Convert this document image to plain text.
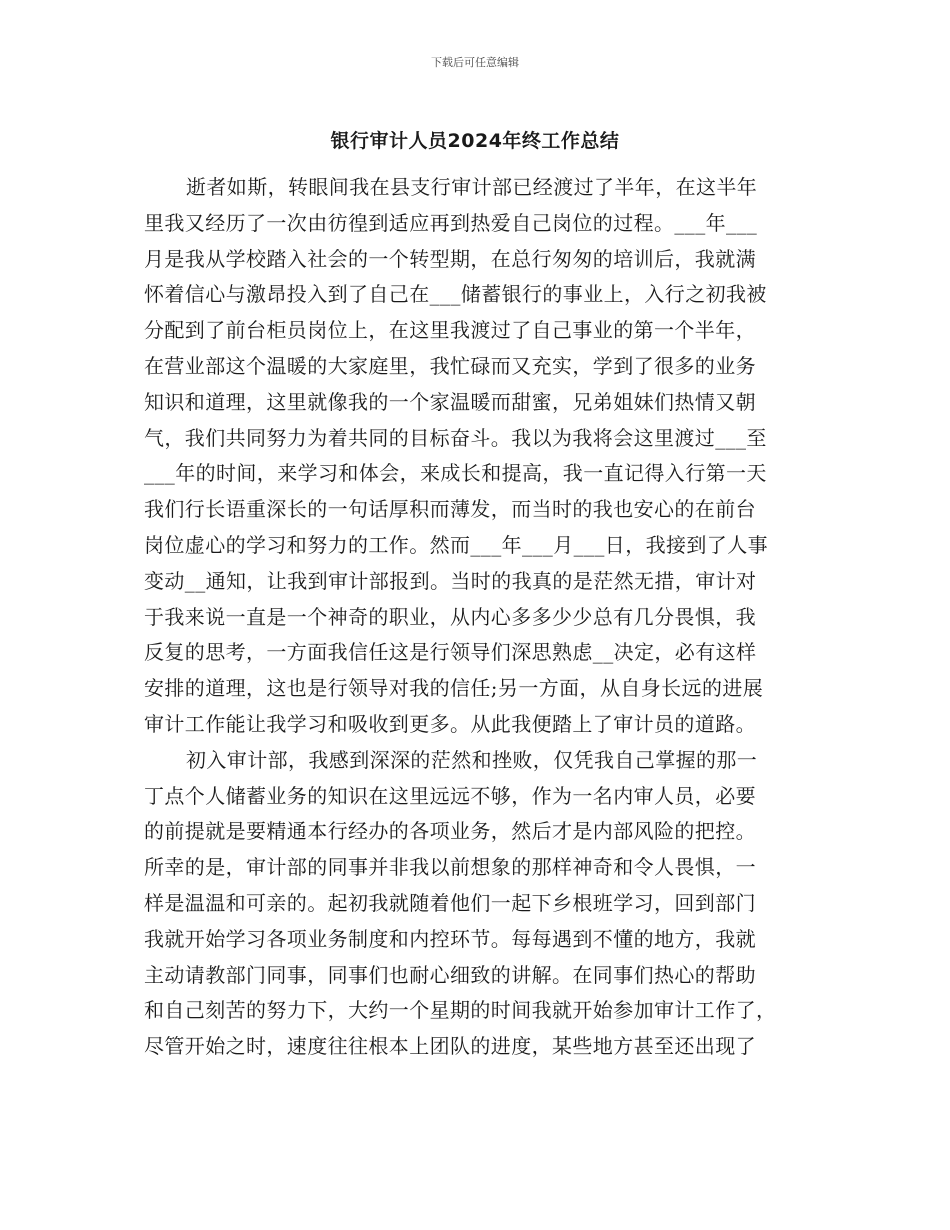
下载后可任意编辑
银行审计人员2024年终工作总结
逝者如斯，转眼间我在县支行审计部已经渡过了半年，在这半年
里我又经历了一次由彷徨到适应再到热爱自己岗位的过程。___年___
月是我从学校踏入社会的一个转型期，在总行匆匆的培训后，我就满
怀着信心与激昂投入到了自己在___储蓄银行的事业上，入行之初我被
分配到了前台柜员岗位上，在这里我渡过了自己事业的第一个半年，
在营业部这个温暖的大家庭里，我忙碌而又充实，学到了很多的业务
知识和道理，这里就像我的一个家温暖而甜蜜，兄弟姐妹们热情又朝
气，我们共同努力为着共同的目标奋斗。我以为我将会这里渡过___至
___年的时间，来学习和体会，来成长和提高，我一直记得入行第一天
我们行长语重深长的一句话厚积而薄发，而当时的我也安心的在前台
岗位虚心的学习和努力的工作。然而___年___月___日，我接到了人事
变动__通知，让我到审计部报到。当时的我真的是茫然无措，审计对
于我来说一直是一个神奇的职业，从内心多多少少总有几分畏惧，我
反复的思考，一方面我信任这是行领导们深思熟虑__决定，必有这样
安排的道理，这也是行领导对我的信任;另一方面，从自身长远的进展
审计工作能让我学习和吸收到更多。从此我便踏上了审计员的道路。
初入审计部，我感到深深的茫然和挫败，仅凭我自己掌握的那一
丁点个人储蓄业务的知识在这里远远不够，作为一名内审人员，必要
的前提就是要精通本行经办的各项业务，然后才是内部风险的把控。
所幸的是，审计部的同事并非我以前想象的那样神奇和令人畏惧，一
样是温温和可亲的。起初我就随着他们一起下乡根班学习，回到部门
我就开始学习各项业务制度和内控环节。每每遇到不懂的地方，我就
主动请教部门同事，同事们也耐心细致的讲解。在同事们热心的帮助
和自己刻苦的努力下，大约一个星期的时间我就开始参加审计工作了，
尽管开始之时，速度往往根本上团队的进度，某些地方甚至还出现了
